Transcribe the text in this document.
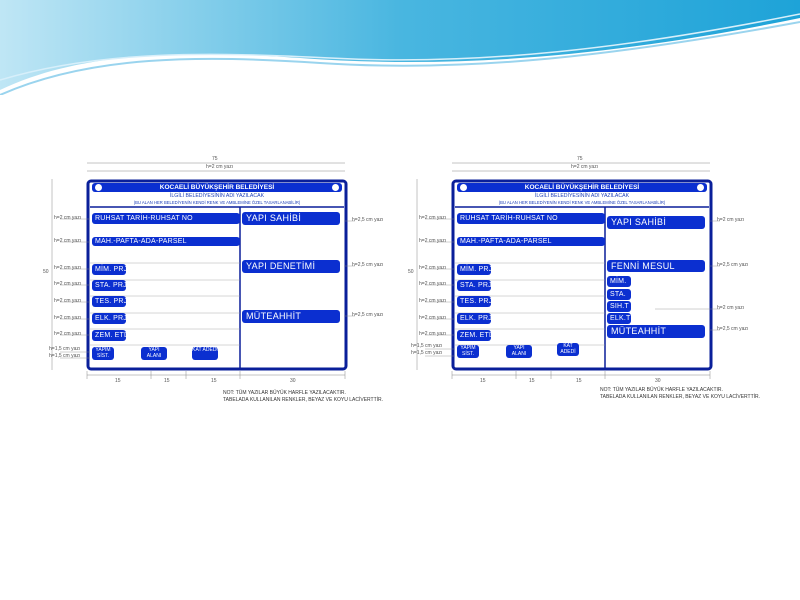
75
h=2 cm yazı
50
KOCAELİ BÜYÜKŞEHİR BELEDİYESİ
İLGİLİ BELEDİYESİNİN ADI YAZILACAK
(BU ALAN HER BELEDİYENİN KENDİ RENK VE AMBLEMİNE ÖZEL TASARLANABİLİR)
RUHSAT TARİH-RUHSAT NO
MAH.-PAFTA-ADA-PARSEL
MİM. PRJ
STA. PRJ
TES. PRJ
ELK. PRJ
ZEM. ETD
YAPIM SİST.
YAPI ALANI
KAT ADEDİ
YAPI SAHİBİ
YAPI DENETİMİ
MÜTEAHHİT
h=2 cm yazı
h=2 cm yazı
h=2 cm yazı
h=2 cm yazı
h=2 cm yazı
h=2 cm yazı
h=2 cm yazı
h=1,5 cm yazı
h=1,5 cm yazı
h=2,5 cm yazı
h=2,5 cm yazı
h=2,5 cm yazı
15	15	15	30
NOT: TÜM YAZILAR BÜYÜK HARFLE YAZILACAKTIR.
TABELADA KULLANILAN RENKLER, BEYAZ VE KOYU LACİVERTTİR.
75
h=2 cm yazı
50
KOCAELİ BÜYÜKŞEHİR BELEDİYESİ
İLGİLİ BELEDİYESİNİN ADI YAZILACAK
(BU ALAN HER BELEDİYENİN KENDİ RENK VE AMBLEMİNE ÖZEL TASARLANABİLİR)
RUHSAT TARİH-RUHSAT NO
MAH.-PAFTA-ADA-PARSEL
MİM. PRJ
STA. PRJ
TES. PRJ
ELK. PRJ
ZEM. ETD
YAPIM SİST.
YAPI ALANI
KAT ADEDİ
YAPI SAHİBİ
FENNİ MESUL
MİM.
STA.
SIH.T
ELK.T
MÜTEAHHİT
h=2 cm yazı
h=2 cm yazı
h=2 cm yazı
h=2 cm yazı
h=2 cm yazı
h=2 cm yazı
h=2 cm yazı
h=1,5 cm yazı
h=1,5 cm yazı
h=2 cm yazı
h=2,5 cm yazı
h=2 cm yazı
h=2,5 cm yazı
15	15	15	30
NOT: TÜM YAZILAR BÜYÜK HARFLE YAZILACAKTIR.
TABELADA KULLANILAN RENKLER, BEYAZ VE KOYU LACİVERTTİR.
